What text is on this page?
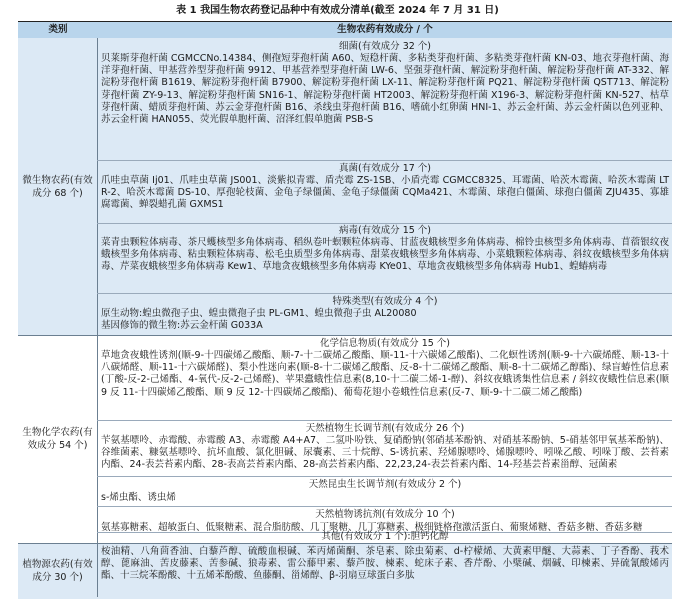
表 1 我国生物农药登记品种中有效成分清单(截至 2024 年 7 月 31 日)
类别	生物农药有效成分 / 个
微生物农药(有效成分 68 个)
生物化学农药(有效成分 54 个)
植物源农药(有效成分 30 个)
细菌(有效成分 32 个)
贝莱斯芽孢杆菌 CGMCCNo.14384、侧孢短芽孢杆菌 A60、短稳杆菌、多粘类芽孢杆菌、多粘类芽孢杆菌 KN-03、地衣芽孢杆菌、海洋芽孢杆菌、甲基营养型芽孢杆菌 9912、甲基营养型芽孢杆菌 LW-6、坚强芽孢杆菌、解淀粉芽孢杆菌、解淀粉芽孢杆菌 AT-332、解淀粉芽孢杆菌 B1619、解淀粉芽孢杆菌 B7900、解淀粉芽孢杆菌 LX-11、解淀粉芽孢杆菌 PQ21、解淀粉芽孢杆菌 QST713、解淀粉芽孢杆菌 ZY-9-13、解淀粉芽孢杆菌 SN16-1、解淀粉芽孢杆菌 HT2003、解淀粉芽孢杆菌 X196-3、解淀粉芽孢杆菌 KN-527、枯草芽孢杆菌、蜡质芽孢杆菌、苏云金芽孢杆菌 B16、杀线虫芽孢杆菌 B16、嗜硫小红卵菌 HNI-1、苏云金杆菌、苏云金杆菌以色列亚种、苏云金杆菌 HAN055、荧光假单胞杆菌、沼泽红假单胞菌 PSB-S
真菌(有效成分 17 个)
爪哇虫草菌 Ij01、爪哇虫草菌 JS001、淡紫拟青霉、盾壳霉 ZS-1SB、小盾壳霉 CGMCC8325、耳霉菌、哈茨木霉菌、哈茨木霉菌 LTR-2、哈茨木霉菌 DS-10、厚孢轮枝菌、金龟子绿僵菌、金龟子绿僵菌 CQMa421、木霉菌、球孢白僵菌、球孢白僵菌 ZJU435、寡雄腐霉菌、蝉裂蜡孔菌 GXMS1
病毒(有效成分 15 个)
菜青虫颗粒体病毒、茶尺蠖核型多角体病毒、稻纵卷叶螟颗粒体病毒、甘蓝夜蛾核型多角体病毒、棉铃虫核型多角体病毒、苜蓿银纹夜蛾核型多角体病毒、粘虫颗粒体病毒、松毛虫质型多角体病毒、甜菜夜蛾核型多角体病毒、小菜蛾颗粒体病毒、斜纹夜蛾核型多角体病毒、芹菜夜蛾核型多角体病毒 Kew1、草地贪夜蛾核型多角体病毒 KYe01、草地贪夜蛾核型多角体病毒 Hub1、蝗蝽病毒
特殊类型(有效成分 4 个)
原生动物:蝗虫微孢子虫、蝗虫微孢子虫 PL-GM1、蝗虫微孢子虫 AL20080
基因修饰的微生物:苏云金杆菌 G033A
化学信息物质(有效成分 15 个)
草地贪夜蛾性诱剂(顺-9-十四碳烯乙酸酯、顺-7-十二碳烯乙酸酯、顺-11-十六碳烯乙酸酯)、二化螟性诱剂(顺-9-十六碳烯醛、顺-13-十八碳烯醛、顺-11-十六碳烯醛)、梨小性迷向素(顺-8-十二碳烯乙酸酯、反-8-十二碳烯乙酸酯、顺-8-十二碳烯乙醇酯)、绿盲蝽性信息素(丁酸-反-2-己烯酯、4-氧代-反-2-己烯醛)、苹果蠹蛾性信息素(8,10-十二碳二烯-1-醇)、斜纹夜蛾诱集性信息素 / 斜纹夜蛾性信息素(顺 9 反 11-十四碳烯乙酸酯、顺 9 反 12-十四碳烯乙酸酯)、葡萄花翅小卷蛾性信息素(反-7、顺-9-十二碳二烯乙酸酯)
天然植物生长调节剂(有效成分 26 个)
苄氨基嘌呤、赤霉酸、赤霉酸 A3、赤霉酸 A4+A7、二氢卟吩铁、复硝酚钠(邻硝基苯酚钠、对硝基苯酚钠、5-硝基邻甲氧基苯酚钠)、谷维菌素、糠氨基嘌呤、抗坏血酸、氯化胆碱、尿囊素、三十烷醇、S-诱抗素、羟烯腺嘌呤、烯腺嘌呤、吲哚乙酸、吲哚丁酸、芸苔素内酯、24-表芸苔素内酯、28-表高芸苔素内酯、28-高芸苔素内酯、22,23,24-表芸苔素内酯、14-羟基芸苔素甾醇、冠菌素
天然昆虫生长调节剂(有效成分 2 个)
s-烯虫酯、诱虫烯
天然植物诱抗剂(有效成分 10 个)
氨基寡糖素、超敏蛋白、低聚糖素、混合脂肪酸、几丁聚糖、几丁寡糖素、极细链格孢激活蛋白、葡聚烯糖、香菇多糖、香菇多糖
其他(有效成分 1 个):胆钙化醇
桉油精、八角茴香油、白藜芦醇、硫酸血根碱、苯丙烯菌酮、茶皂素、除虫菊素、d-柠檬烯、大黄素甲醚、大蒜素、丁子香酚、莪术醇、蓖麻油、苦皮藤素、苦参碱、狼毒素、雷公藤甲素、藜芦胺、楝素、蛇床子素、香芹酚、小檗碱、烟碱、印楝素、异硫氰酸烯丙酯、十三烷苯酚酸、十五烯苯酚酸、鱼藤酮、甾烯醇、β-羽扇豆球蛋白多肽
